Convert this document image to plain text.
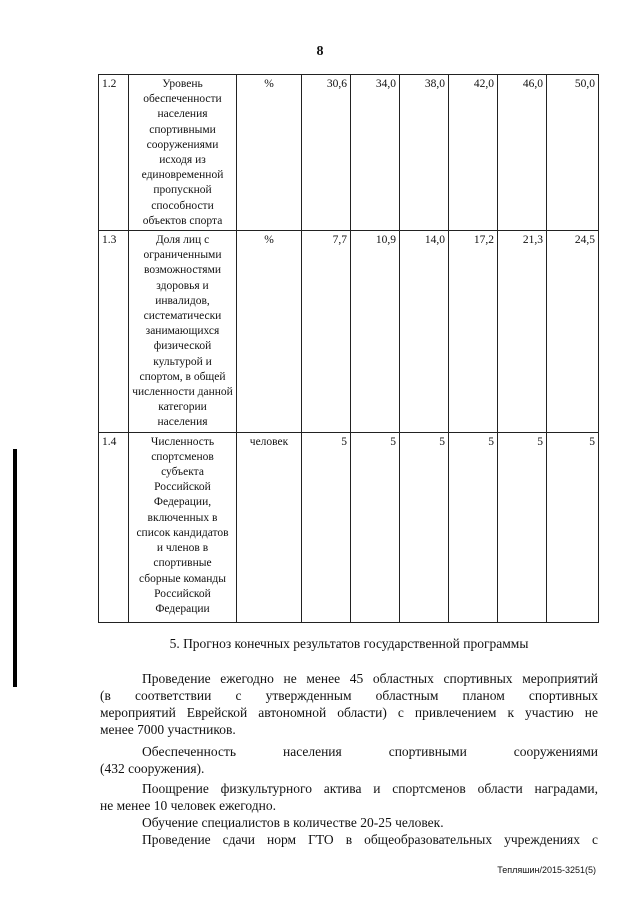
8
1.2	Уровень обеспеченности населения спортивными сооружениями исходя из единовременной пропускной способности объектов спорта	%	30,6	34,0	38,0	42,0	46,0	50,0
1.3	Доля лиц с ограниченными возможностями здоровья и инвалидов, систематически занимающихся физической культурой и спортом, в общей численности данной категории населения	%	7,7	10,9	14,0	17,2	21,3	24,5
1.4	Численность спортсменов субъекта Российской Федерации, включенных в список кандидатов и членов в спортивные сборные команды Российской Федерации	человек	5	5	5	5	5	5
5. Прогноз конечных результатов государственной программы
Проведение ежегодно не менее 45 областных спортивных мероприятий
(в соответствии с утвержденным областным планом спортивных
мероприятий Еврейской автономной области) с привлечением к участию не
менее 7000 участников.
Обеспеченность населения спортивными сооружениями
(432 сооружения).
Поощрение физкультурного актива и спортсменов области наградами,
не менее 10 человек ежегодно.
Обучение специалистов в количестве 20-25 человек.
Проведение сдачи норм ГТО в общеобразовательных учреждениях с
Тепляшин/2015-3251(5)
